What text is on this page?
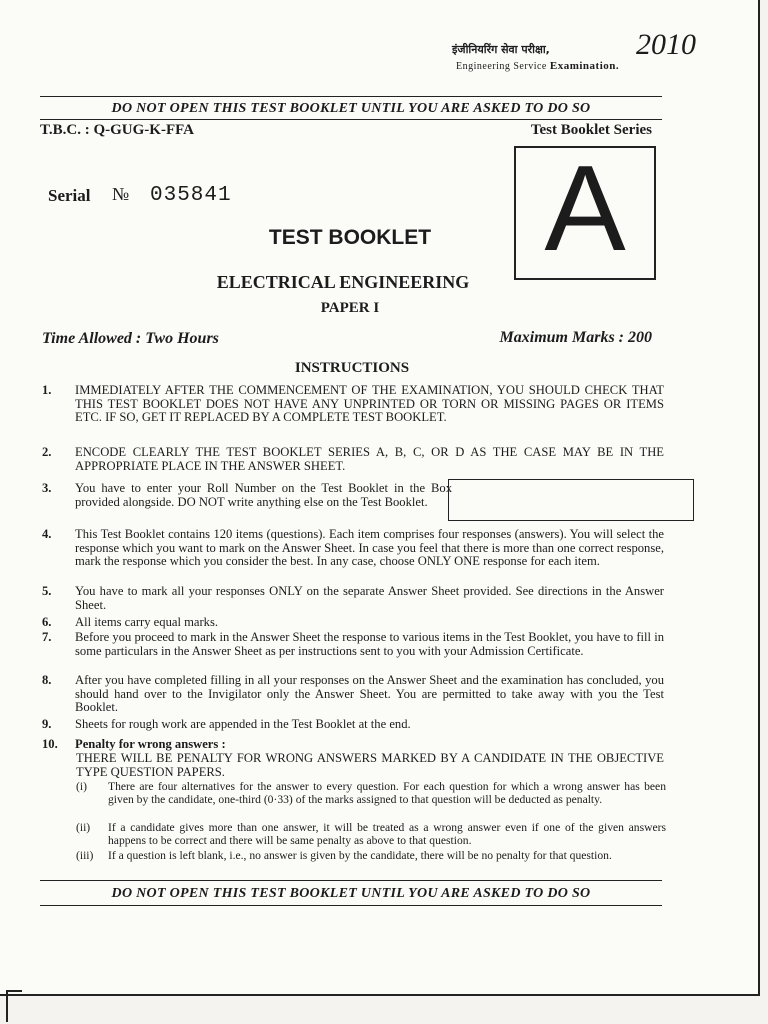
इंजीनियरिंग सेवा परीक्षा,
Engineering Service Examination.
2010
DO NOT OPEN THIS TEST BOOKLET UNTIL YOU ARE ASKED TO DO SO
T.B.C. : Q-GUG-K-FFA	Test Booklet Series
A
Serial № 035841
TEST BOOKLET
ELECTRICAL ENGINEERING
PAPER I
Time Allowed : Two Hours	Maximum Marks : 200
INSTRUCTIONS
1. IMMEDIATELY AFTER THE COMMENCEMENT OF THE EXAMINATION, YOU SHOULD CHECK THAT THIS TEST BOOKLET DOES NOT HAVE ANY UNPRINTED OR TORN OR MISSING PAGES OR ITEMS ETC. IF SO, GET IT REPLACED BY A COMPLETE TEST BOOKLET.
2. ENCODE CLEARLY THE TEST BOOKLET SERIES A, B, C, OR D AS THE CASE MAY BE IN THE APPROPRIATE PLACE IN THE ANSWER SHEET.
3. You have to enter your Roll Number on the Test Booklet in the Box provided alongside. DO NOT write anything else on the Test Booklet.
4. This Test Booklet contains 120 items (questions). Each item comprises four responses (answers). You will select the response which you want to mark on the Answer Sheet. In case you feel that there is more than one correct response, mark the response which you consider the best. In any case, choose ONLY ONE response for each item.
5. You have to mark all your responses ONLY on the separate Answer Sheet provided. See directions in the Answer Sheet.
6. All items carry equal marks.
7. Before you proceed to mark in the Answer Sheet the response to various items in the Test Booklet, you have to fill in some particulars in the Answer Sheet as per instructions sent to you with your Admission Certificate.
8. After you have completed filling in all your responses on the Answer Sheet and the examination has concluded, you should hand over to the Invigilator only the Answer Sheet. You are permitted to take away with you the Test Booklet.
9. Sheets for rough work are appended in the Test Booklet at the end.
10. Penalty for wrong answers :
THERE WILL BE PENALTY FOR WRONG ANSWERS MARKED BY A CANDIDATE IN THE OBJECTIVE TYPE QUESTION PAPERS.
(i) There are four alternatives for the answer to every question. For each question for which a wrong answer has been given by the candidate, one-third (0·33) of the marks assigned to that question will be deducted as penalty.
(ii) If a candidate gives more than one answer, it will be treated as a wrong answer even if one of the given answers happens to be correct and there will be same penalty as above to that question.
(iii) If a question is left blank, i.e., no answer is given by the candidate, there will be no penalty for that question.
DO NOT OPEN THIS TEST BOOKLET UNTIL YOU ARE ASKED TO DO SO
